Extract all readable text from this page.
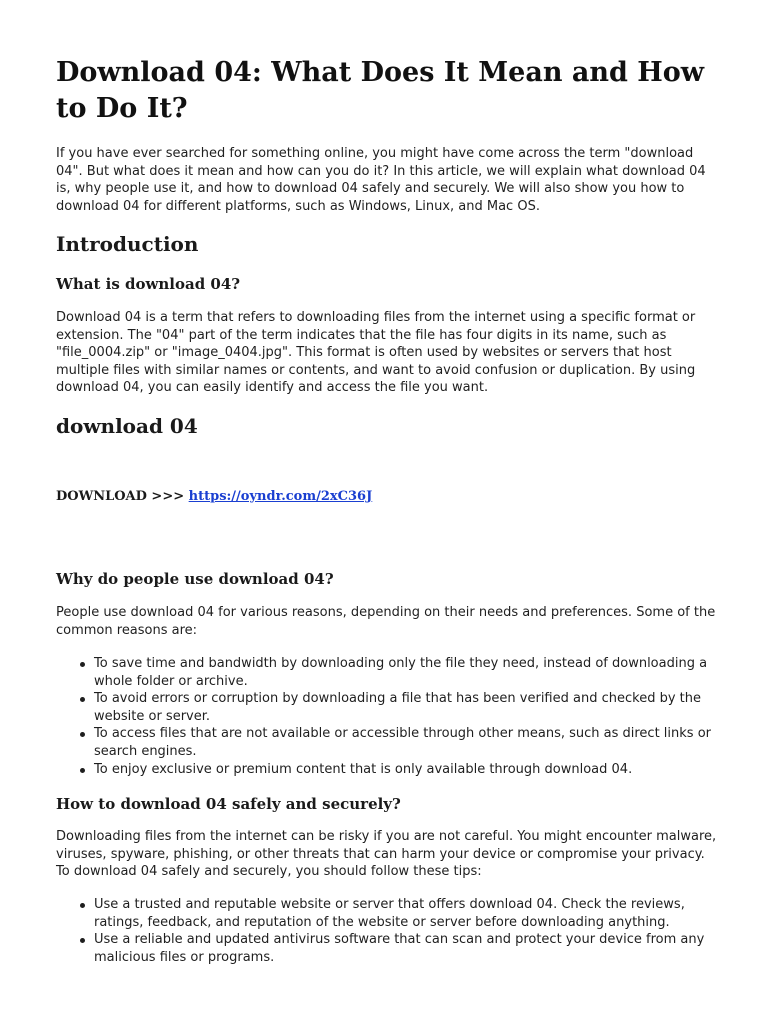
Download 04: What Does It Mean and How to Do It?

If you have ever searched for something online, you might have come across the term "download 04". But what does it mean and how can you do it? In this article, we will explain what download 04 is, why people use it, and how to download 04 safely and securely. We will also show you how to download 04 for different platforms, such as Windows, Linux, and Mac OS.

Introduction
What is download 04?

Download 04 is a term that refers to downloading files from the internet using a specific format or extension. The "04" part of the term indicates that the file has four digits in its name, such as "file_0004.zip" or "image_0404.jpg". This format is often used by websites or servers that host multiple files with similar names or contents, and want to avoid confusion or duplication. By using download 04, you can easily identify and access the file you want.

download 04
DOWNLOAD >>> https://oyndr.com/2xC36J
Why do people use download 04?

People use download 04 for various reasons, depending on their needs and preferences. Some of the common reasons are:

To save time and bandwidth by downloading only the file they need, instead of downloading a whole folder or archive.
To avoid errors or corruption by downloading a file that has been verified and checked by the website or server.
To access files that are not available or accessible through other means, such as direct links or search engines.
To enjoy exclusive or premium content that is only available through download 04.
How to download 04 safely and securely?

Downloading files from the internet can be risky if you are not careful. You might encounter malware, viruses, spyware, phishing, or other threats that can harm your device or compromise your privacy. To download 04 safely and securely, you should follow these tips:

Use a trusted and reputable website or server that offers download 04. Check the reviews, ratings, feedback, and reputation of the website or server before downloading anything.
Use a reliable and updated antivirus software that can scan and protect your device from any malicious files or programs.
